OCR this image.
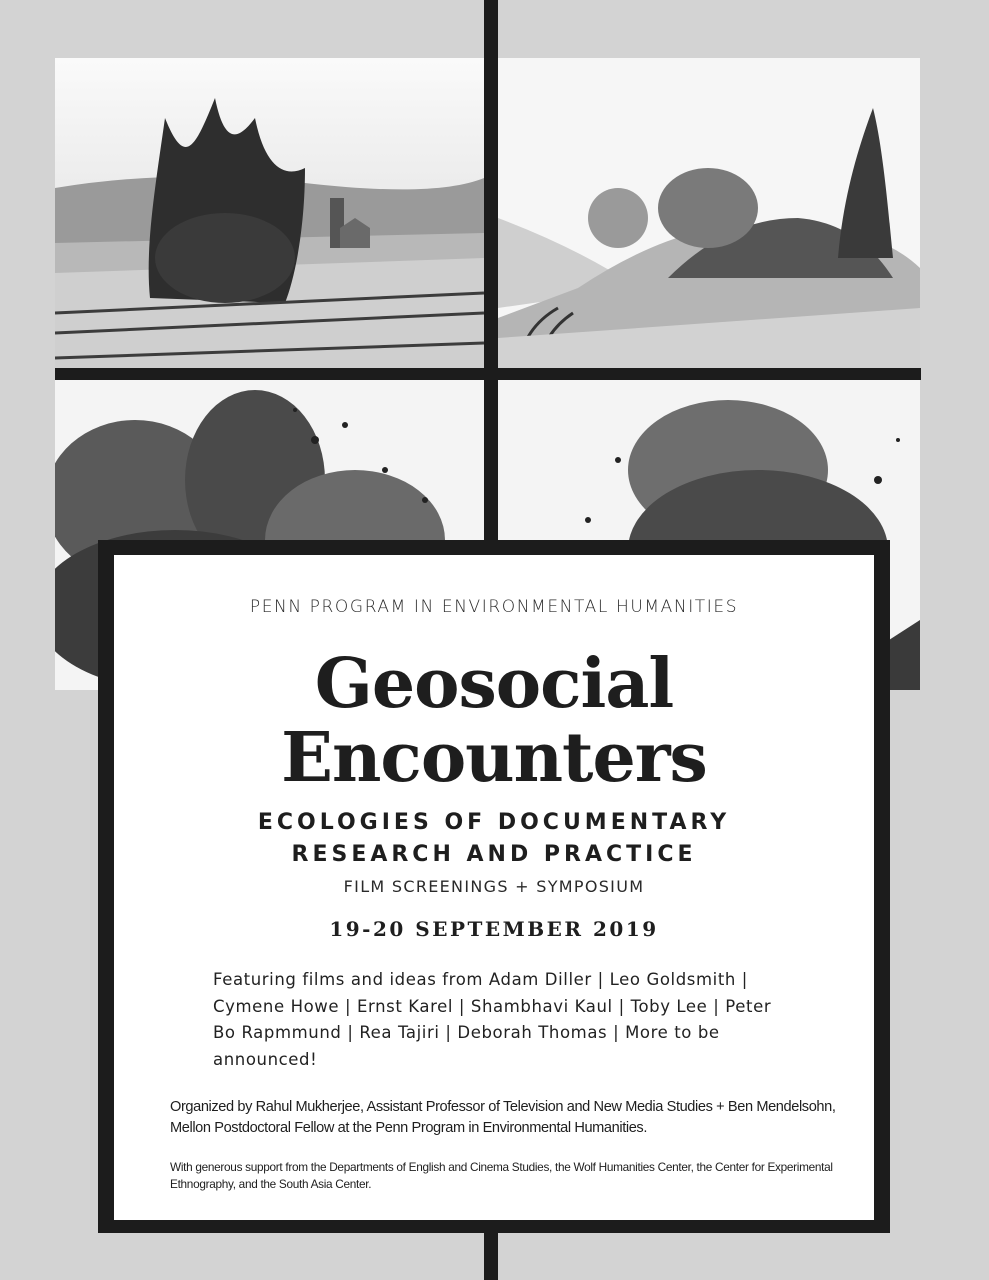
PENN PROGRAM IN ENVIRONMENTAL HUMANITIES
Geosocial
Encounters
ECOLOGIES OF DOCUMENTARY
RESEARCH AND PRACTICE
FILM SCREENINGS + SYMPOSIUM
19-20 SEPTEMBER 2019
Featuring films and ideas from Adam Diller | Leo Goldsmith | Cymene Howe | Ernst Karel | Shambhavi Kaul | Toby Lee | Peter Bo Rapmmund | Rea Tajiri | Deborah Thomas | More to be announced!
Organized by Rahul Mukherjee, Assistant Professor of Television and New Media Studies + Ben Mendelsohn, Mellon Postdoctoral Fellow at the Penn Program in Environmental Humanities.
With generous support from the Departments of English and Cinema Studies, the Wolf Humanities Center, the Center for Experimental Ethnography, and the South Asia Center.
